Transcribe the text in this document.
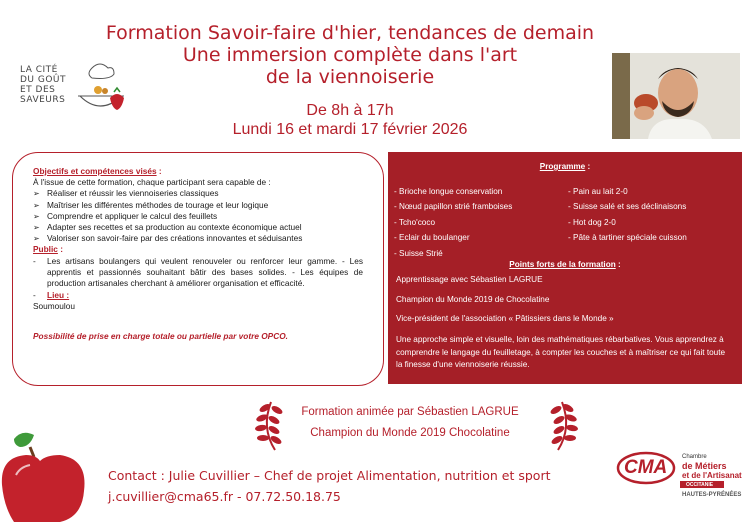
LA CITÉ
DU GOÛT
ET DES
SAVEURS
Formation Savoir-faire d'hier, tendances de demain
Une immersion complète dans l'art
de la viennoiserie
De 8h à 17h
Lundi 16 et mardi 17 février 2026
Objectifs et compétences visés :
À l'issue de cette formation, chaque participant sera capable de :
➢ Réaliser et réussir les viennoiseries classiques
➢ Maîtriser les différentes méthodes de tourage et leur logique
➢ Comprendre et appliquer le calcul des feuillets
➢ Adapter ses recettes et sa production au contexte économique actuel
➢ Valoriser son savoir-faire par des créations innovantes et séduisantes
Public :
- Les artisans boulangers qui veulent renouveler ou renforcer leur gamme. - Les apprentis et passionnés souhaitant bâtir des bases solides. - Les équipes de production artisanales cherchant à améliorer organisation et efficacité.
- Lieu :
Soumoulou
Possibilité de prise en charge totale ou partielle par votre OPCO.
Programme :
- Brioche longue conservation
- Nœud papillon strié framboises
- Tcho'coco
- Eclair du boulanger
- Suisse Strié
- Pain au lait 2-0
- Suisse salé et ses déclinaisons
- Hot dog 2-0
- Pâte à tartiner spéciale cuisson
Points forts de la formation :
Apprentissage avec Sébastien LAGRUE
Champion du Monde 2019 de Chocolatine
Vice-président de l'association « Pâtissiers dans le Monde »
Une approche simple et visuelle, loin des mathématiques rébarbatives. Vous apprendrez à comprendre le langage du feuilletage, à compter les couches et à maîtriser ce qui fait toute la finesse d'une viennoiserie réussie.
Formation animée par Sébastien LAGRUE
Champion du Monde 2019 Chocolatine
Contact : Julie Cuvillier – Chef de projet Alimentation, nutrition et sport
j.cuvillier@cma65.fr - 07.72.50.18.75
CMA Chambre
de Métiers
et de l'Artisanat
OCCITANIE
HAUTES-PYRÉNÉES
